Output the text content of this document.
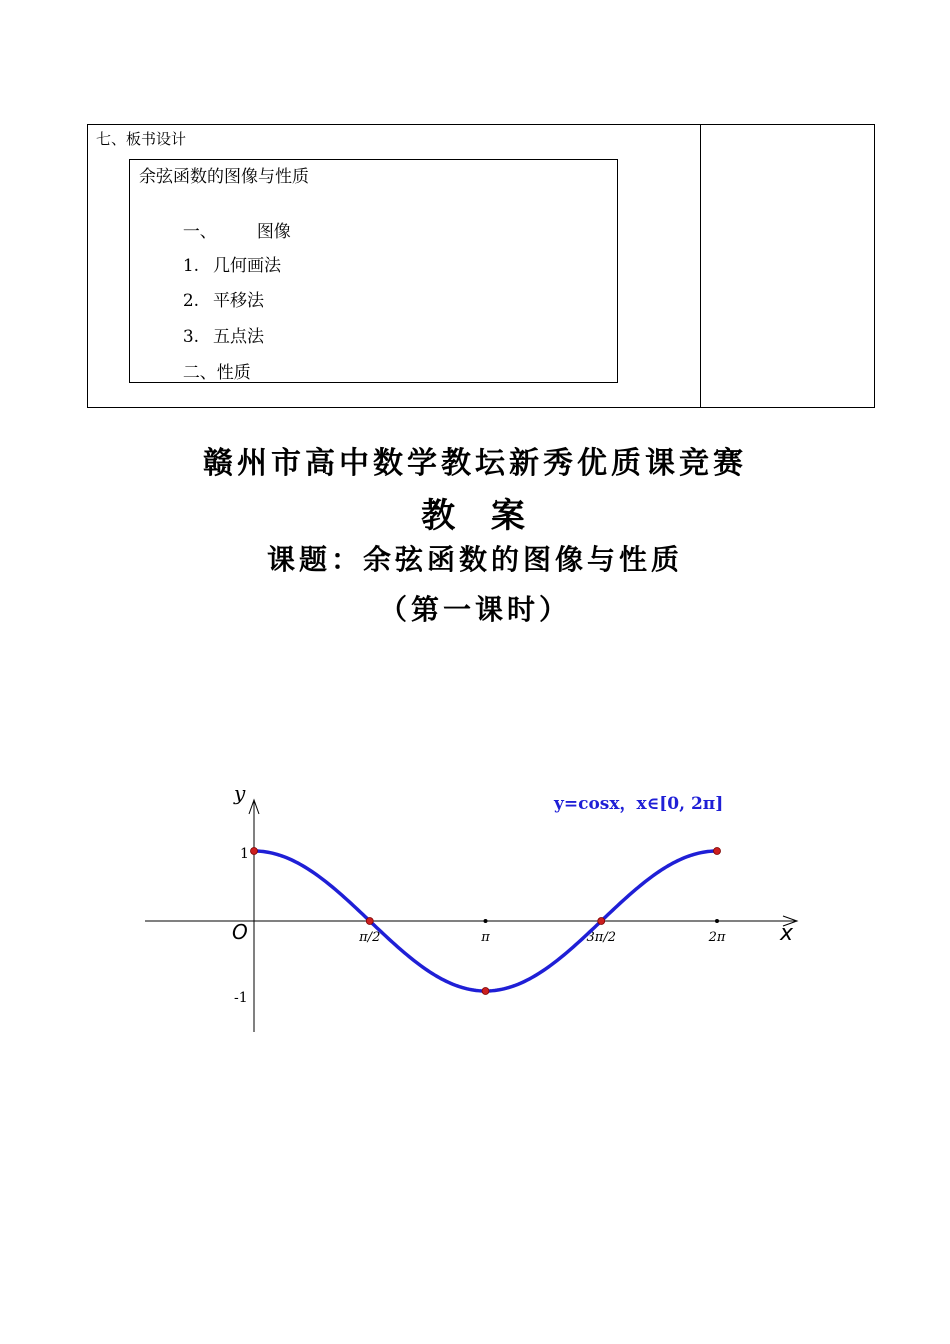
七、板书设计
余弦函数的图像与性质

一、 图像

1. 几何画法

2. 平移法

3. 五点法

二、性质

赣州市高中数学教坛新秀优质课竞赛
教  案
课题：余弦函数的图像与性质
（第一课时）
y
x
O
1
-1
π/2	π	3π/2	2π
y=cosx，x∈[0, 2π]
